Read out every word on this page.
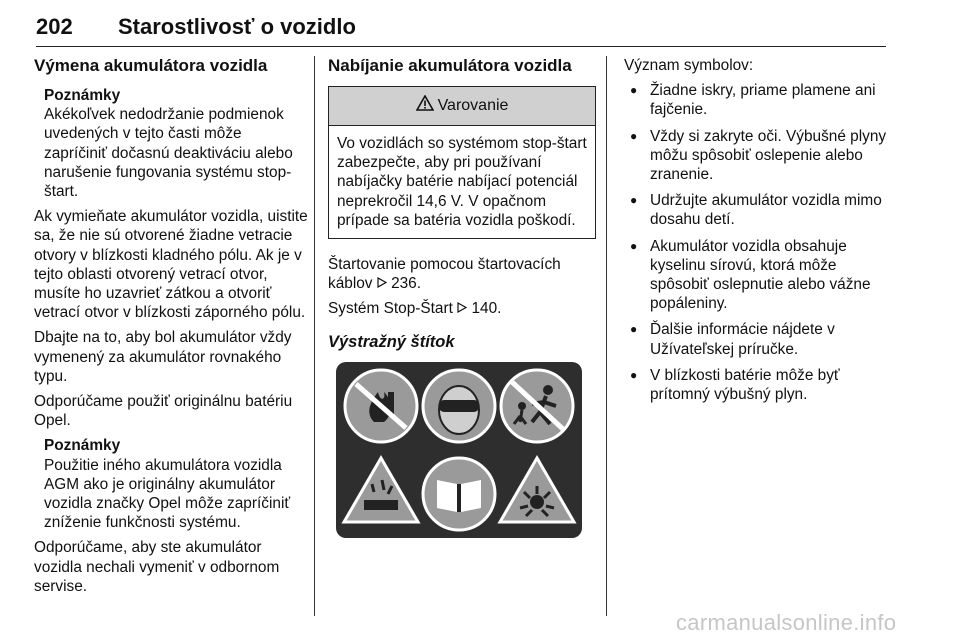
202 Starostlivosť o vozidlo
Výmena akumulátora vozidla
Poznámky
Akékoľvek nedodržanie podmienok uvedených v tejto časti môže zapríčiniť dočasnú deaktiváciu alebo narušenie fungovania systému stop-štart.

Ak vymieňate akumulátor vozidla, uistite sa, že nie sú otvorené žiadne vetracie otvory v blízkosti kladného pólu. Ak je v tejto oblasti otvorený vetrací otvor, musíte ho uzavrieť zátkou a otvoriť vetrací otvor v blízkosti záporného pólu.

Dbajte na to, aby bol akumulátor vždy vymenený za akumulátor rovnakého typu.

Odporúčame použiť originálnu batériu Opel.

Poznámky
Použitie iného akumulátora vozidla AGM ako je originálny akumulátor vozidla značky Opel môže zapríčiniť zníženie funkčnosti systému.

Odporúčame, aby ste akumulátor vozidla nechali vymeniť v odbornom servise.

Nabíjanie akumulátora vozidla
Varovanie
Vo vozidlách so systémom stop-štart zabezpečte, aby pri používaní nabíjačky batérie nabíjací potenciál neprekročil 14,6 V. V opačnom prípade sa batéria vozidla poškodí.

Štartovanie pomocou štartovacích káblov 236.

Systém Stop-Štart 140.

Výstražný štítok

Význam symbolov:

● Žiadne iskry, priame plamene ani fajčenie.
● Vždy si zakryte oči. Výbušné plyny môžu spôsobiť oslepenie alebo zranenie.
● Udržujte akumulátor vozidla mimo dosahu detí.
● Akumulátor vozidla obsahuje kyselinu sírovú, ktorá môže spôsobiť oslepnutie alebo vážne popáleniny.
● Ďalšie informácie nájdete v Užívateľskej príručke.
● V blízkosti batérie môže byť prítomný výbušný plyn.
carmanualsonline.info
